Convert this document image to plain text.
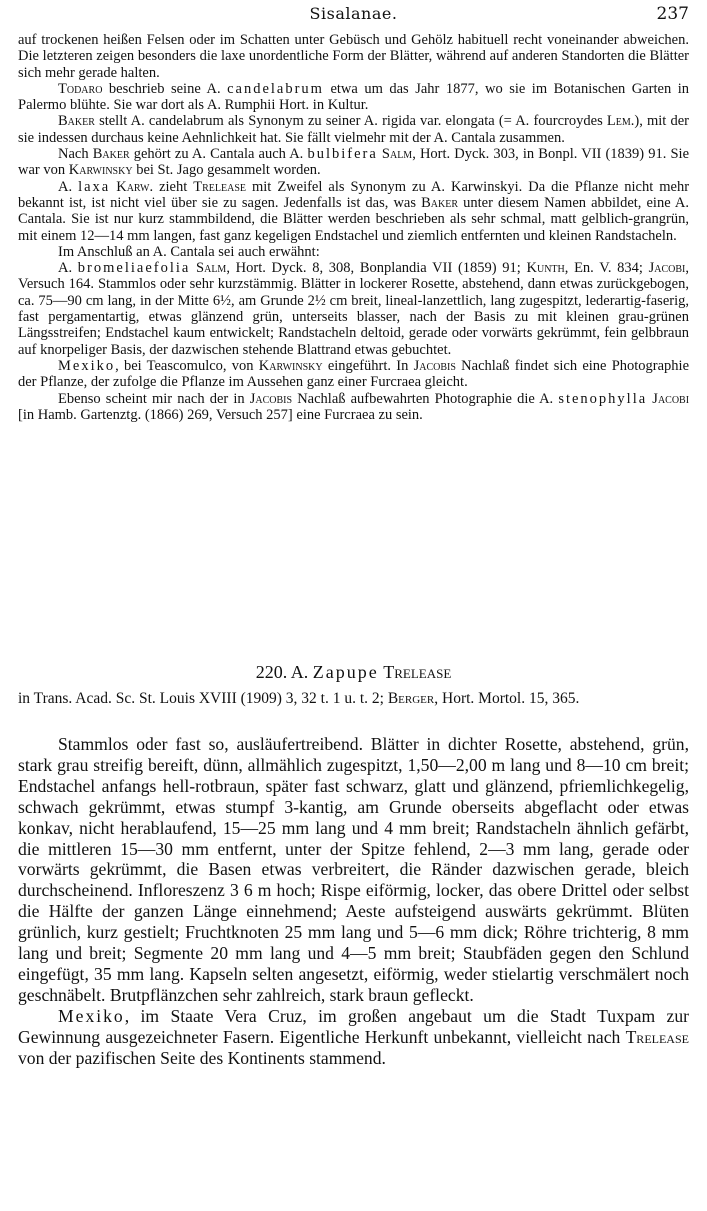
Sisalanae.	237

auf trockenen heißen Felsen oder im Schatten unter Gebüsch und Gehölz habituell recht voneinander abweichen. Die letzteren zeigen besonders die laxe unordentliche Form der Blätter, während auf anderen Standorten die Blätter sich mehr gerade halten.

Todaro beschrieb seine A. candelabrum etwa um das Jahr 1877, wo sie im Botanischen Garten in Palermo blühte. Sie war dort als A. Rumphii Hort. in Kultur.

Baker stellt A. candelabrum als Synonym zu seiner A. rigida var. elongata (= A. fourcroydes Lem.), mit der sie indessen durchaus keine Aehnlichkeit hat. Sie fällt vielmehr mit der A. Cantala zusammen.

Nach Baker gehört zu A. Cantala auch A. bulbifera Salm, Hort. Dyck. 303, in Bonpl. VII (1839) 91. Sie war von Karwinsky bei St. Jago gesammelt worden.

A. laxa Karw. zieht Trelease mit Zweifel als Synonym zu A. Karwinskyi. Da die Pflanze nicht mehr bekannt ist, ist nicht viel über sie zu sagen. Jedenfalls ist das, was Baker unter diesem Namen abbildet, eine A. Cantala. Sie ist nur kurz stammbildend, die Blätter werden beschrieben als sehr schmal, matt gelblich-grangrün, mit einem 12—14 mm langen, fast ganz kegeligen Endstachel und ziemlich entfernten und kleinen Randstacheln.

Im Anschluß an A. Cantala sei auch erwähnt:

A. bromeliaefolia Salm, Hort. Dyck. 8, 308, Bonplandia VII (1859) 91; Kunth, En. V. 834; Jacobi, Versuch 164. Stammlos oder sehr kurzstämmig. Blätter in lockerer Rosette, abstehend, dann etwas zurückgebogen, ca. 75—90 cm lang, in der Mitte 6½, am Grunde 2½ cm breit, lineal-lanzettlich, lang zugespitzt, lederartig-faserig, fast pergamentartig, etwas glänzend grün, unterseits blasser, nach der Basis zu mit kleinen grau-grünen Längsstreifen; Endstachel kaum entwickelt; Randstacheln deltoid, gerade oder vorwärts gekrümmt, fein gelbbraun auf knorpeliger Basis, der dazwischen stehende Blattrand etwas gebuchtet.

Mexiko, bei Teascomulco, von Karwinsky eingeführt. In Jacobis Nachlaß findet sich eine Photographie der Pflanze, der zufolge die Pflanze im Aussehen ganz einer Furcraea gleicht.

Ebenso scheint mir nach der in Jacobis Nachlaß aufbewahrten Photographie die A. stenophylla Jacobi [in Hamb. Gartenztg. (1866) 269, Versuch 257] eine Furcraea zu sein.

220. A. Zapupe Trelease

in Trans. Acad. Sc. St. Louis XVIII (1909) 3, 32 t. 1 u. t. 2; Berger, Hort. Mortol. 15, 365.

Stammlos oder fast so, ausläufertreibend. Blätter in dichter Rosette, abstehend, grün, stark grau streifig bereift, dünn, allmählich zugespitzt, 1,50—2,00 m lang und 8—10 cm breit; Endstachel anfangs hell-rotbraun, später fast schwarz, glatt und glänzend, pfriemlichkegelig, schwach gekrümmt, etwas stumpf 3-kantig, am Grunde oberseits abgeflacht oder etwas konkav, nicht herablaufend, 15—25 mm lang und 4 mm breit; Randstacheln ähnlich gefärbt, die mittleren 15—30 mm entfernt, unter der Spitze fehlend, 2—3 mm lang, gerade oder vorwärts gekrümmt, die Basen etwas verbreitert, die Ränder dazwischen gerade, bleich durchscheinend. Infloreszenz 3 6 m hoch; Rispe eiförmig, locker, das obere Drittel oder selbst die Hälfte der ganzen Länge einnehmend; Aeste aufsteigend auswärts gekrümmt. Blüten grünlich, kurz gestielt; Fruchtknoten 25 mm lang und 5—6 mm dick; Röhre trichterig, 8 mm lang und breit; Segmente 20 mm lang und 4—5 mm breit; Staubfäden gegen den Schlund eingefügt, 35 mm lang. Kapseln selten angesetzt, eiförmig, weder stielartig verschmälert noch geschnäbelt. Brutpflänzchen sehr zahlreich, stark braun gefleckt.

Mexiko, im Staate Vera Cruz, im großen angebaut um die Stadt Tuxpam zur Gewinnung ausgezeichneter Fasern. Eigentliche Herkunft unbekannt, vielleicht nach Trelease von der pazifischen Seite des Kontinents stammend.
